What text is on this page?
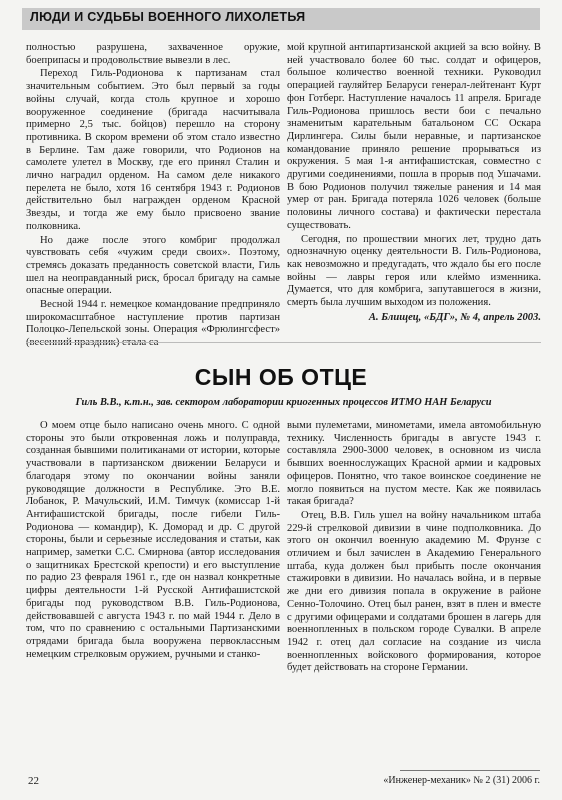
ЛЮДИ И СУДЬБЫ ВОЕННОГО ЛИХОЛЕТЬЯ

полностью разрушена, захваченное оружие, боеприпасы и продовольствие вывезли в лес.

Переход Гиль-Родионова к партизанам стал значительным событием. Это был первый за годы войны случай, когда столь крупное и хорошо вооруженное соединение (бригада насчитывала примерно 2,5 тыс. бойцов) перешло на сторону противника. В скором времени об этом стало известно в Берлине. Там даже говорили, что Родионов на самолете улетел в Москву, где его принял Сталин и лично наградил орденом. На самом деле никакого перелета не было, хотя 16 сентября 1943 г. Родионов действительно был награжден орденом Красной Звезды, и тогда же ему было присвоено звание полковника.

Но даже после этого комбриг продолжал чувствовать себя «чужим среди своих». Поэтому, стремясь доказать преданность советской власти, Гиль шел на неоправданный риск, бросал бригаду на самые опасные операции.

Весной 1944 г. немецкое командование предприняло широкомасштабное наступление против партизан Полоцко-Лепельской зоны. Операция «Фрюлингсфест»

мой крупной антипартизанской акцией за всю войну. В ней участвовало более 60 тыс. солдат и офицеров, большое количество военной техники. Руководил операцией гауляйтер Беларуси генерал-лейтенант Курт фон Готберг. Наступление началось 11 апреля. Бригаде Гиль-Родионова пришлось вести бои с печально знаменитым карательным батальоном СС Оскара Дирлингера. Силы были неравные, и партизанское командование приняло решение прорываться из окружения. 5 мая 1-я антифашистская, совместно с другими соединениями, пошла в прорыв под Ушачами. В бою Родионов получил тяжелые ранения и 14 мая умер от ран. Бригада потеряла 1026 человек (больше половины личного состава) и фактически перестала существовать.

Сегодня, по прошествии многих лет, трудно дать однозначную оценку деятельности В. Гиль-Родионова, как невозможно и предугадать, что ждало бы его после войны — лавры героя или клеймо изменника. Думается, что для комбрига, запутавшегося в жизни, смерть была лучшим выходом из положения.

А. Блищец, «БДГ», № 4, апрель 2003.
СЫН ОБ ОТЦЕ
Гиль В.В., к.т.н., зав. сектором лаборатории криогенных процессов ИТМО НАН Беларуси

О моем отце было написано очень много. С одной стороны это были откровенная ложь и полуправда, созданная бывшими политиканами от истории, которые участвовали в партизанском движении Беларуси и благодаря этому по окончании войны заняли руководящие должности в Республике. Это В.Е. Лобанок, Р. Мачульский, И.М. Тимчук (комиссар 1-й Антифашистской бригады, после гибели Гиль-Родионова — командир), К. Доморад и др. С другой стороны, были и серьезные исследования и статьи, как например, заметки С.С. Смирнова (автор исследования о защитниках Брестской крепости) и его выступление по радио 23 февраля 1961 г., где он назвал конкретные цифры деятельности 1-й Русской Антифашистской бригады под руководством В.В. Гиль-Родионова, действовавшей с августа 1943 г. по май 1944 г. Дело в том, что по сравнению с остальными Партизанскими отрядами бригада была вооружена первоклассным немецким стрелковым оружием, ручными и станко-

выми пулеметами, минометами, имела автомобильную технику. Численность бригады в августе 1943 г. составляла 2900-3000 человек, в основном из числа бывших военнослужащих Красной армии и кадровых офицеров. Понятно, что такое воинское соединение не могло появиться на пустом месте. Как же появилась такая бригада?

Отец, В.В. Гиль ушел на войну начальником штаба 229-й стрелковой дивизии в чине подполковника. До этого он окончил военную академию М. Фрунзе с отличием и был зачислен в Академию Генерального штаба, куда должен был прибыть после окончания стажировки в дивизии. Но началась война, и в первые же дни его дивизия попала в окружение в районе Сенно-Толочино. Отец был ранен, взят в плен и вместе с другими офицерами и солдатами брошен в лагерь для военнопленных в польском городе Сувалки. В апреле 1942 г. отец дал согласие на создание из числа военнопленных войскового формирования, которое будет действовать на стороне Германии.

22	«Инженер-механик» № 2 (31) 2006 г.
